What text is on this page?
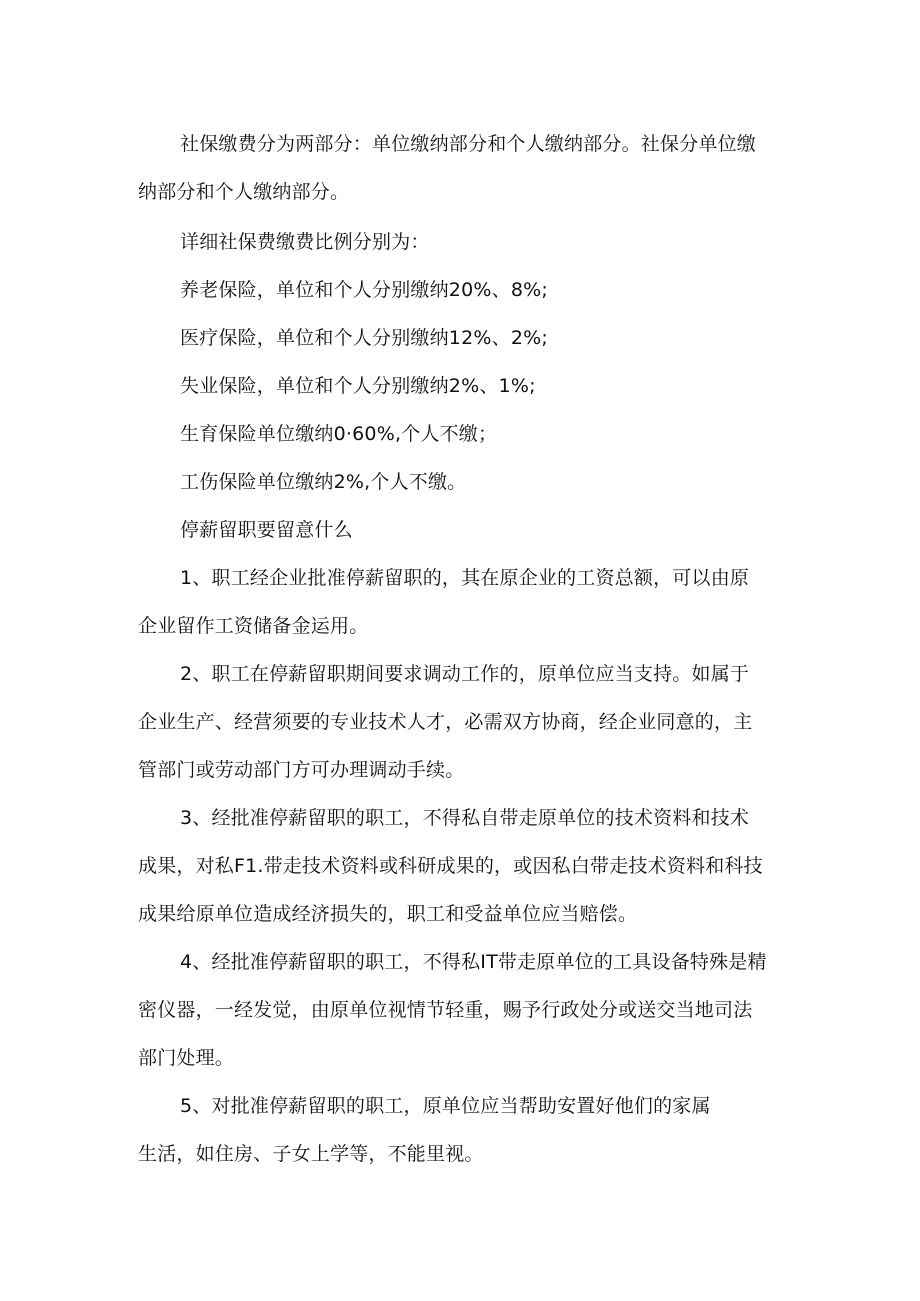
社保缴费分为两部分：单位缴纳部分和个人缴纳部分。社保分单位缴
纳部分和个人缴纳部分。

详细社保费缴费比例分别为：

养老保险，单位和个人分别缴纳20%、8%;

医疗保险，单位和个人分别缴纳12%、2%;

失业保险，单位和个人分别缴纳2%、1%;

生育保险单位缴纳0·60%,个人不缴；

工伤保险单位缴纳2%,个人不缴。

停薪留职要留意什么

1、职工经企业批准停薪留职的，其在原企业的工资总额，可以由原
企业留作工资储备金运用。

2、职工在停薪留职期间要求调动工作的，原单位应当支持。如属于
企业生产、经营须要的专业技术人才，必需双方协商，经企业同意的，主
管部门或劳动部门方可办理调动手续。

3、经批准停薪留职的职工，不得私自带走原单位的技术资料和技术
成果，对私F1.带走技术资料或科研成果的，或因私白带走技术资料和科技
成果给原单位造成经济损失的，职工和受益单位应当赔偿。

4、经批准停薪留职的职工，不得私IT带走原单位的工具设备特殊是精
密仪器，一经发觉，由原单位视情节轻重，赐予行政处分或送交当地司法
部门处理。

5、对批准停薪留职的职工，原单位应当帮助安置好他们的家属
生活，如住房、子女上学等，不能里视。
